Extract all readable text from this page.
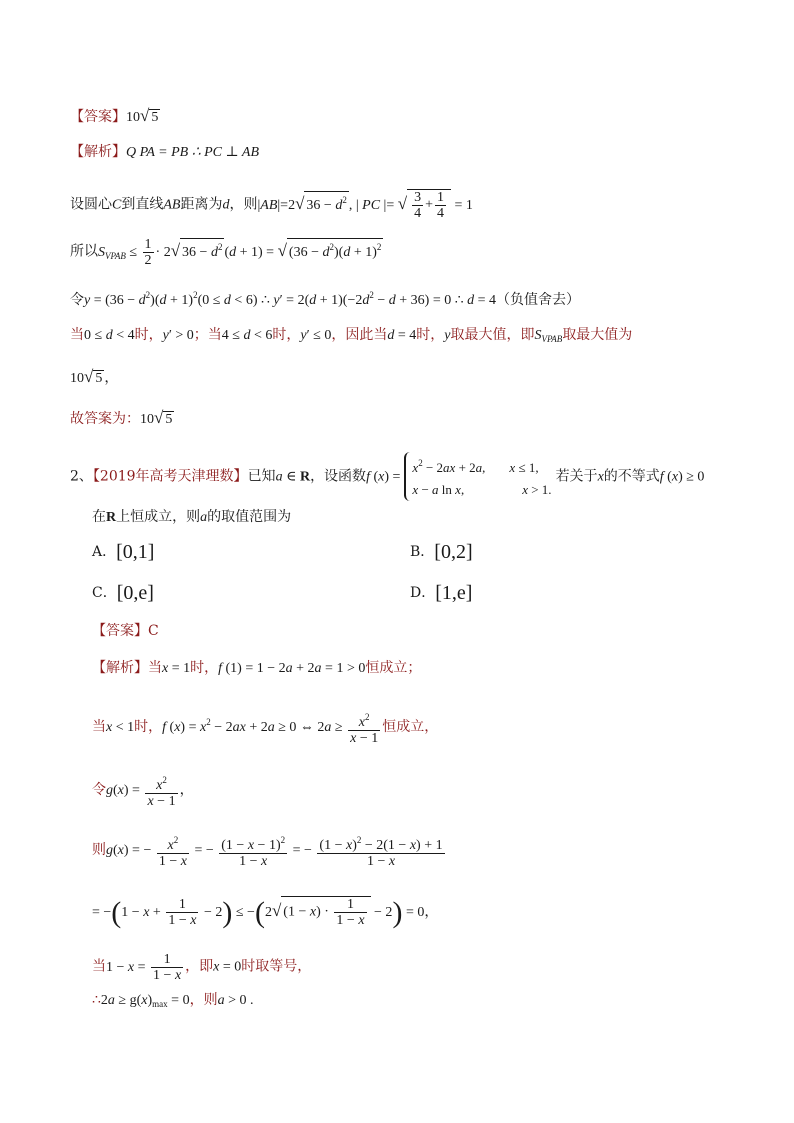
【答案】10√ 5
【解析】Q PA = PB ∴ PC ⊥ AB
设圆心C到直线AB距离为d，则|AB|=2√ $36 - d^2$ , | PC |= √ $\frac{3}{4} + \frac{1}{4} = 1$
所以$S_{VPAB} \le \frac{1}{2} \cdot 2√$ $36 - d^2$ (d + 1) = √ $(36 - d^2)(d + 1)^2$
令$y = (36 - d^2)(d + 1)^2(0 \le d < 6)$ ∴ $y' = 2(d + 1)(-2d^2 - d + 36) = 0$ ∴ d = 4（负值舍去）
当0 ≤ d < 4时，y′ > 0；当4 ≤ d < 6时，y′ ≤ 0，因此当d = 4时，y取最大值，即$S_{VPAB}$取最大值为
10√ 5 ，
故答案为：10√ 5
2、【2019年高考天津理数】已知a ∈ R，设函数f (x) =
$x^2 - 2ax + 2a$, x ≤ 1,
x − a ln x,	x > 1.
若关于x的不等式f (x) ≥ 0
在R上恒成立，则a的取值范围为
A．[0,1]	B．[0,2]
C．[0,e]	D．[1,e]
【答案】C
【解析】当x = 1时，f (1) = 1 − 2a + 2a = 1 > 0恒成立；
当x < 1时，f $(x) = x^2 - 2ax + 2a \ge 0$ ⇔ $2a \ge \frac{x^2}{x - 1}$ 恒成立，
令$g(x) = \frac{x^2}{x - 1}$ ，
则g(x) = − $\frac{x^2}{1 - x}$ = − $\frac{(1 - x - 1)^2}{1 - x}$ = − $\frac{(1 - x)^2 - 2(1 - x) + 1}{1 - x}$
= $-(1 - x + \frac{1}{1 - x} - 2) \le -(2√$ $(1 - x) \cdot \frac{1}{1 - x} - 2) = 0$，
当$1 - x = \frac{1}{1 - x}$ ，即x = 0时取等号，
∴2a ≥ $g(x)_{max} = 0$，则a > 0 .
